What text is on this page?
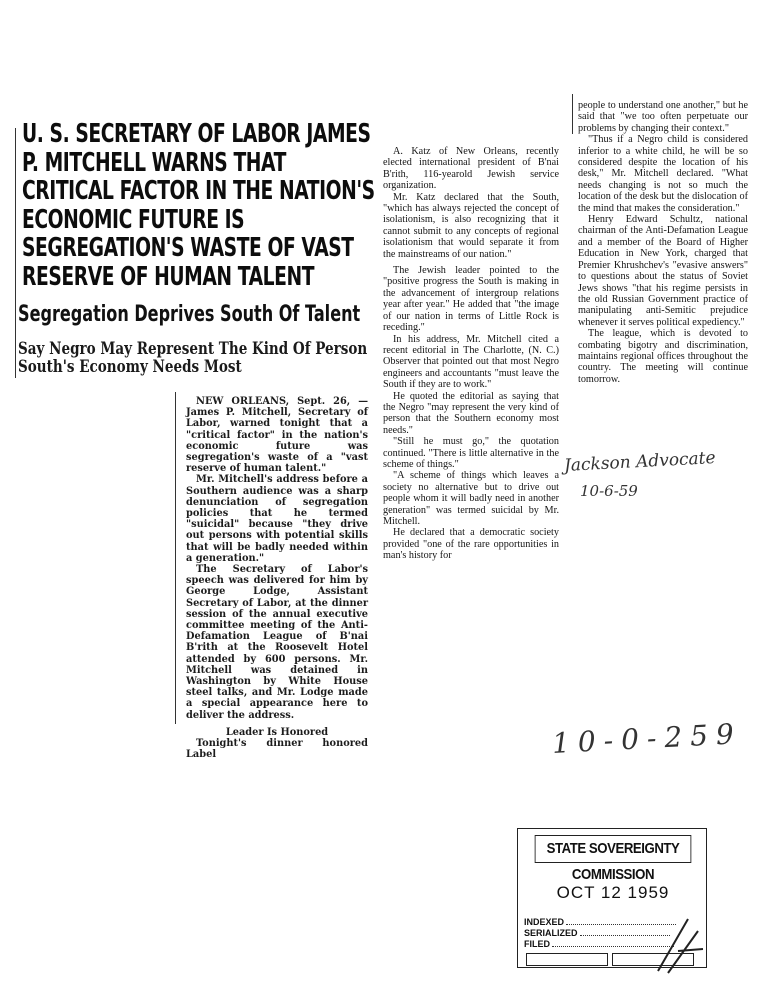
U. S. SECRETARY OF LABOR JAMES P. MITCHELL WARNS THAT CRITICAL FACTOR IN THE NATION'S ECONOMIC FUTURE IS SEGREGATION'S WASTE OF VAST RESERVE OF HUMAN TALENT
Segregation Deprives South Of Talent
Say Negro May Represent The Kind Of Person South's Economy Needs Most

NEW ORLEANS, Sept. 26, — James P. Mitchell, Secretary of Labor, warned tonight that a "critical factor" in the nation's economic future was segregation's waste of a "vast reserve of human talent."

Mr. Mitchell's address before a Southern audience was a sharp denunciation of segregation policies that he termed "suicidal" because "they drive out persons with potential skills that will be badly needed within a generation."

The Secretary of Labor's speech was delivered for him by George Lodge, Assistant Secretary of Labor, at the dinner session of the annual executive committee meeting of the Anti-Defamation League of B'nai B'rith at the Roosevelt Hotel attended by 600 persons. Mr. Mitchell was detained in Washington by White House steel talks, and Mr. Lodge made a special appearance here to deliver the address.

Leader Is Honored

Tonight's dinner honored Label

A. Katz of New Orleans, recently elected international president of B'nai B'rith, 116-yearold Jewish service organization.

Mr. Katz declared that the South, "which has always rejected the concept of isolationism, is also recognizing that it cannot submit to any concepts of regional isolationism that would separate it from the mainstreams of our nation."

The Jewish leader pointed to the "positive progress the South is making in the advancement of intergroup relations year after year." He added that "the image of our nation in terms of Little Rock is receding."

In his address, Mr. Mitchell cited a recent editorial in The Charlotte, (N. C.) Observer that pointed out that most Negro engineers and accountants "must leave the South if they are to work."

He quoted the editorial as saying that the Negro "may represent the very kind of person that the Southern economy most needs."

"Still he must go," the quotation continued. "There is little alternative in the scheme of things."

"A scheme of things which leaves a society no alternative but to drive out people whom it will badly need in another generation" was termed suicidal by Mr. Mitchell.

He declared that a democratic society provided "one of the rare opportunities in man's history for

people to understand one another," but he said that "we too often perpetuate our problems by changing their context."

"Thus if a Negro child is considered inferior to a white child, he will be so considered despite the location of his desk," Mr. Mitchell declared. "What needs changing is not so much the location of the desk but the dislocation of the mind that makes the consideration."

Henry Edward Schultz, national chairman of the Anti-Defamation League and a member of the Board of Higher Education in New York, charged that Premier Khrushchev's "evasive answers" to questions about the status of Soviet Jews shows "that his regime persists in the old Russian Government practice of manipulating anti-Semitic prejudice whenever it serves political expediency."

The league, which is devoted to combating bigotry and discrimination, maintains regional offices throughout the country. The meeting will continue tomorrow.

Jackson Advocate
10-6-59
10-0-259
STATE SOVEREIGNTY COMMISSION
OCT 12 1959
INDEXED
SERIALIZED
FILED
